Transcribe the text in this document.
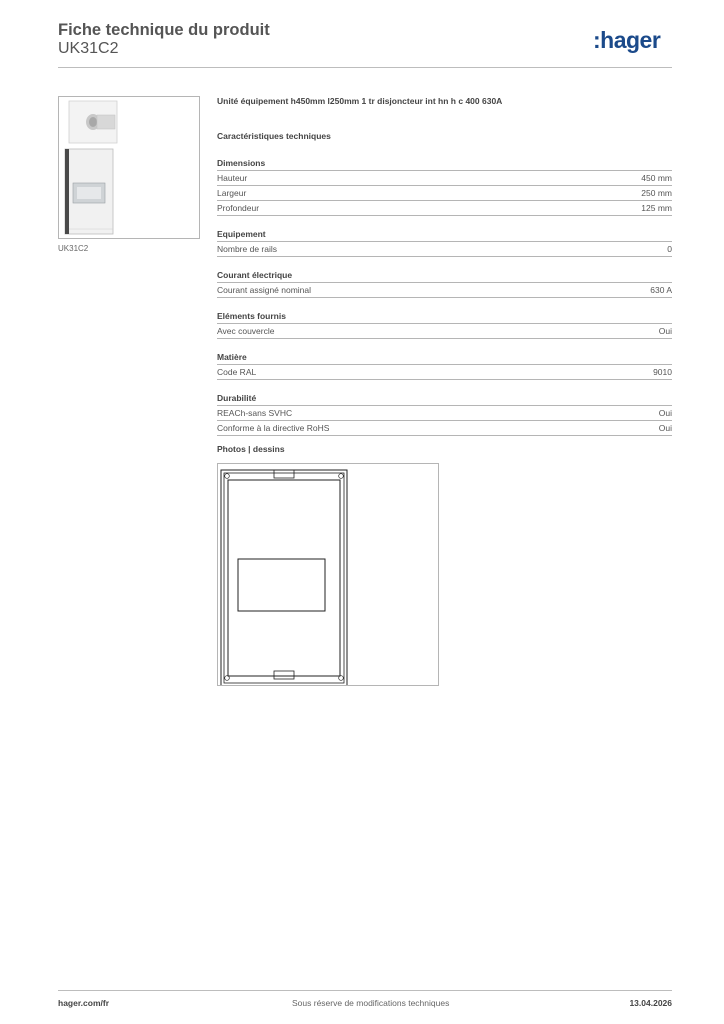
Fiche technique du produit
UK31C2	:hager
UK31C2
Unité équipement h450mm l250mm 1 tr disjoncteur int hn h c 400 630A
Caractéristiques techniques
Dimensions
Hauteur	450 mm
Largeur	250 mm
Profondeur	125 mm
Equipement
Nombre de rails	0
Courant électrique
Courant assigné nominal	630 A
Eléments fournis
Avec couvercle	Oui
Matière
Code RAL	9010
Durabilité
REACh-sans SVHC	Oui
Conforme à la directive RoHS	Oui
Photos | dessins
hager.com/fr	Sous réserve de modifications techniques	13.04.2026
